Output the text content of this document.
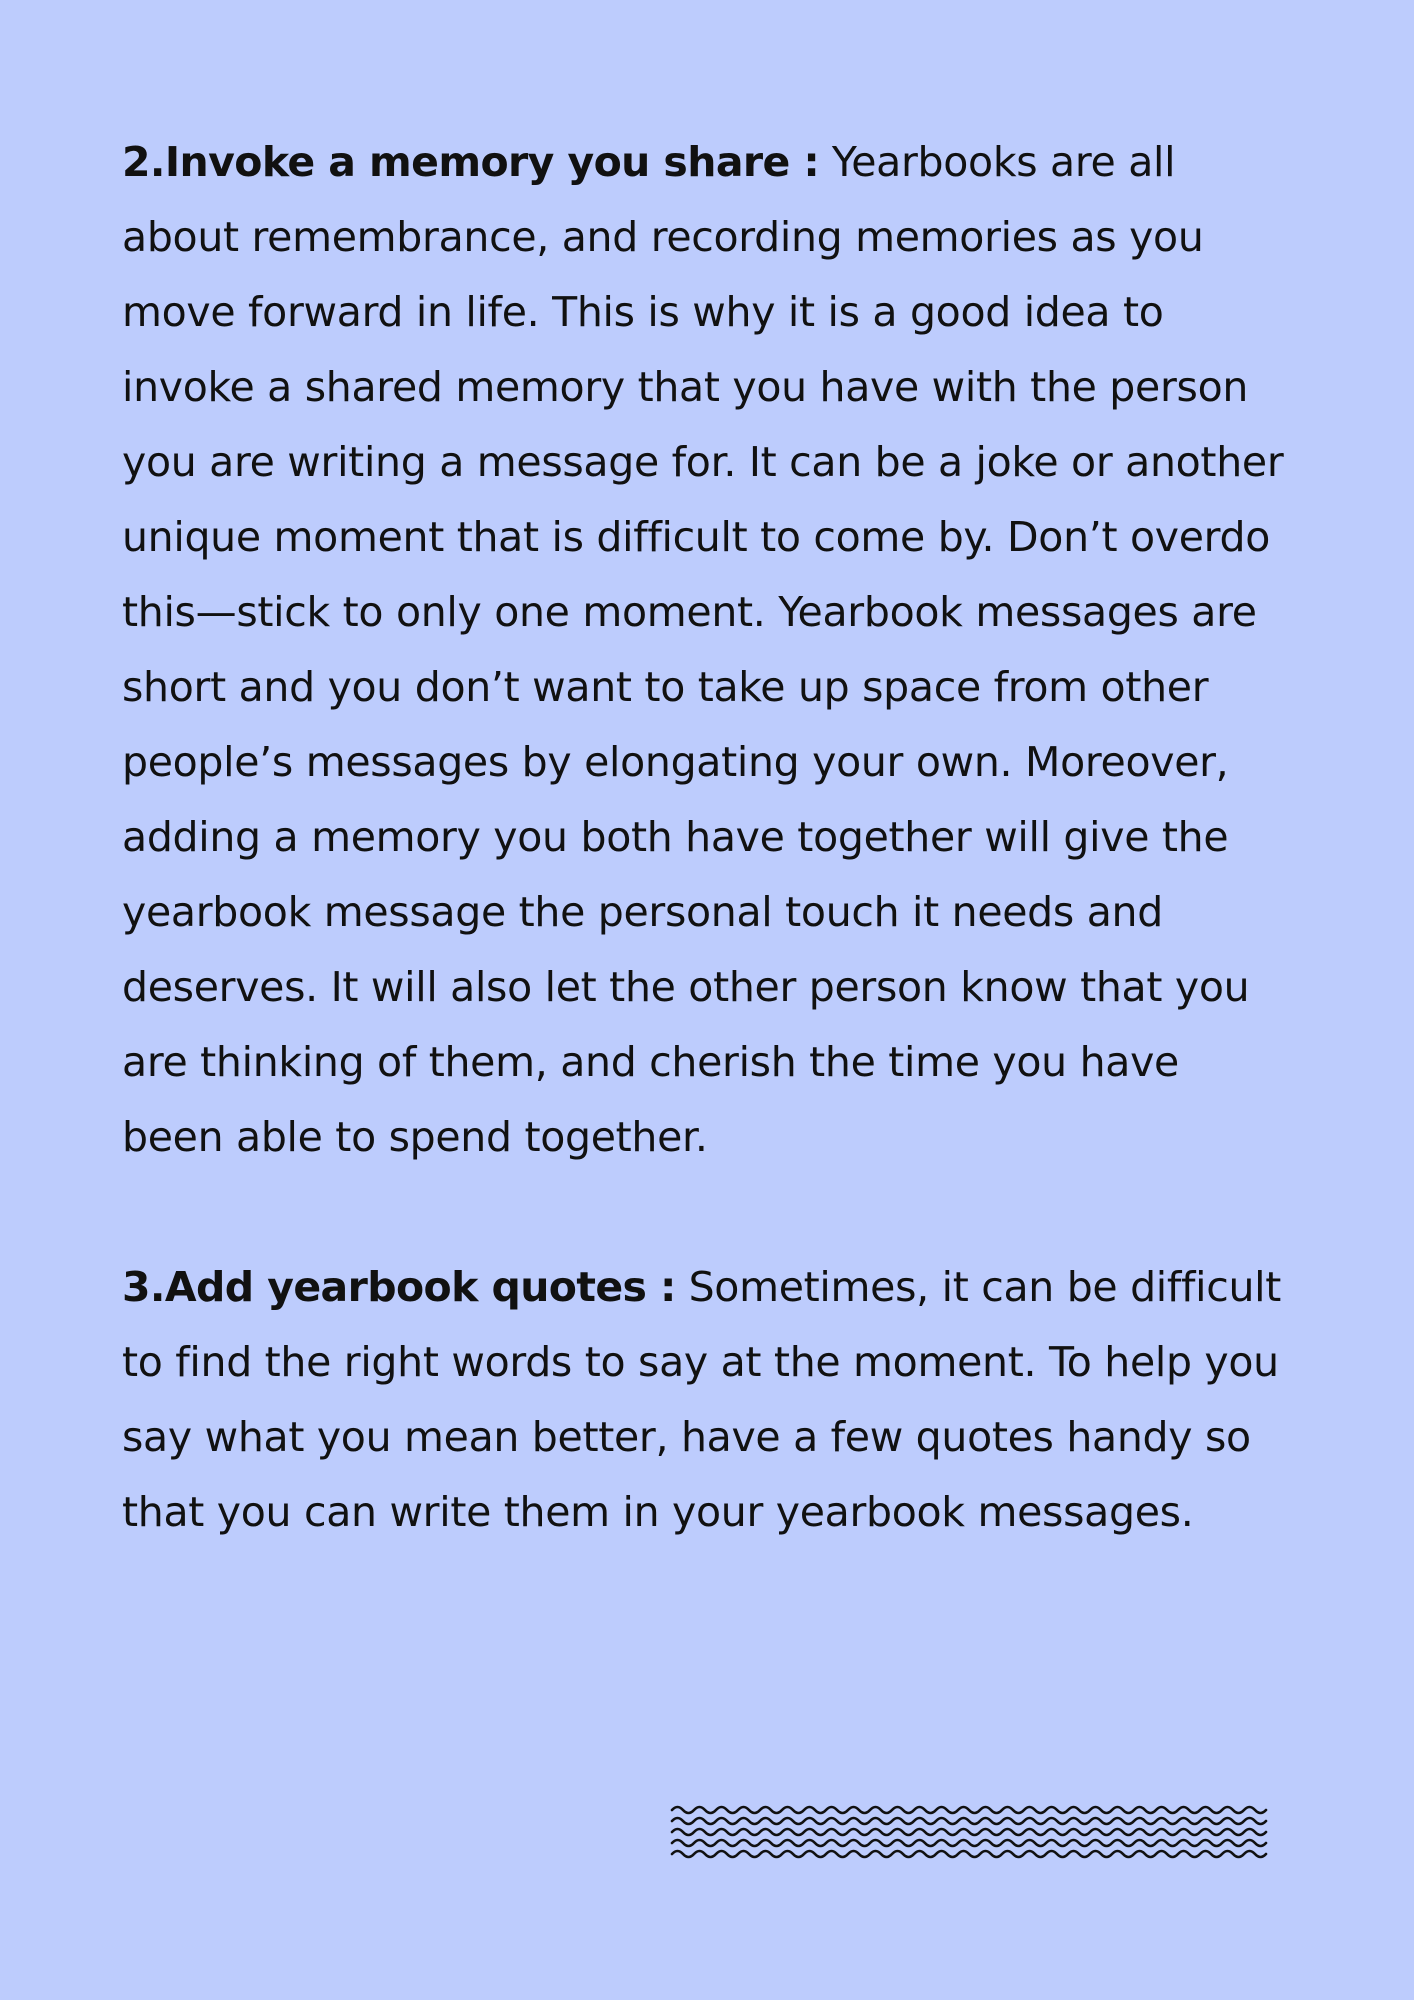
2.Invoke a memory you share : Yearbooks are all about remembrance, and recording memories as you move forward in life. This is why it is a good idea to invoke a shared memory that you have with the person you are writing a message for. It can be a joke or another unique moment that is difficult to come by. Don’t overdo this—stick to only one moment. Yearbook messages are short and you don’t want to take up space from other people’s messages by elongating your own. Moreover, adding a memory you both have together will give the yearbook message the personal touch it needs and deserves. It will also let the other person know that you are thinking of them, and cherish the time you have been able to spend together.

3.Add yearbook quotes : Sometimes, it can be difficult to find the right words to say at the moment. To help you say what you mean better, have a few quotes handy so that you can write them in your yearbook messages.
